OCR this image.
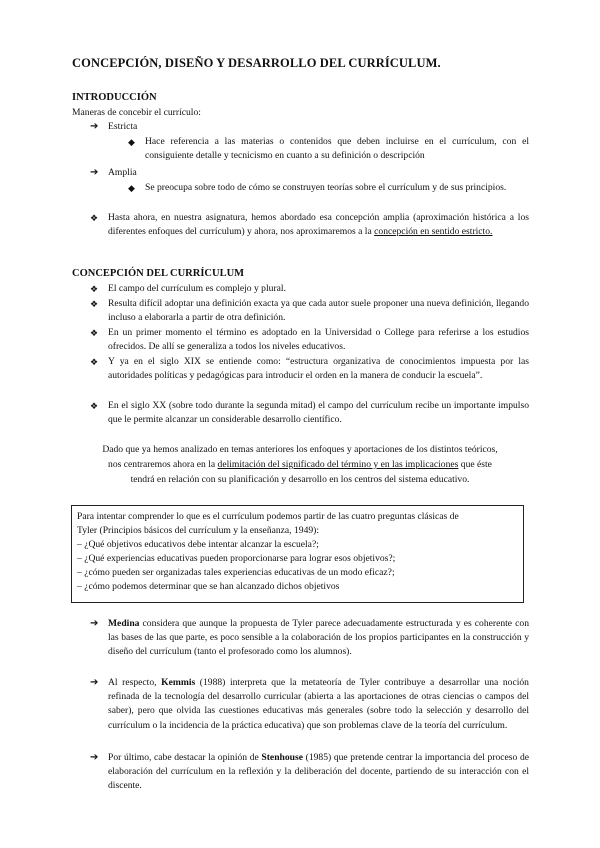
CONCEPCIÓN, DISEÑO Y DESARROLLO DEL CURRÍCULUM.
INTRODUCCIÓN
Maneras de concebir el currículo:
➔ Estricta
◆ Hace referencia a las materias o contenidos que deben incluirse en el currículum, con el consiguiente detalle y tecnicismo en cuanto a su definición o descripción
➔ Amplia
◆ Se preocupa sobre todo de cómo se construyen teorías sobre el currículum y de sus principios.
❖ Hasta ahora, en nuestra asignatura, hemos abordado esa concepción amplia (aproximación histórica a los diferentes enfoques del currículum) y ahora, nos aproximaremos a la concepción en sentido estricto.
CONCEPCIÓN DEL CURRÍCULUM
❖ El campo del currículum es complejo y plural.
❖ Resulta difícil adoptar una definición exacta ya que cada autor suele proponer una nueva definición, llegando incluso a elaborarla a partir de otra definición.
❖ En un primer momento el término es adoptado en la Universidad o College para referirse a los estudios ofrecidos. De allí se generaliza a todos los niveles educativos.
❖ Y ya en el siglo XIX se entiende como: “estructura organizativa de conocimientos impuesta por las autoridades políticas y pedagógicas para introducir el orden en la manera de conducir la escuela”.
❖ En el siglo XX (sobre todo durante la segunda mitad) el campo del currículum recibe un importante impulso que le permite alcanzar un considerable desarrollo científico.
Dado que ya hemos analizado en temas anteriores los enfoques y aportaciones de los distintos teóricos,
nos centraremos ahora en la delimitación del significado del término y en las implicaciones que éste
tendrá en relación con su planificación y desarrollo en los centros del sistema educativo.
Para intentar comprender lo que es el currículum podemos partir de las cuatro preguntas clásicas de
Tyler (Principios básicos del currículum y la enseñanza, 1949):
– ¿Qué objetivos educativos debe intentar alcanzar la escuela?;
– ¿Qué experiencias educativas pueden proporcionarse para lograr esos objetivos?;
– ¿cómo pueden ser organizadas tales experiencias educativas de un modo eficaz?;
– ¿cómo podemos determinar que se han alcanzado dichos objetivos
➔ Medina considera que aunque la propuesta de Tyler parece adecuadamente estructurada y es coherente con las bases de las que parte, es poco sensible a la colaboración de los propios participantes en la construcción y diseño del currículum (tanto el profesorado como los alumnos).
➔ Al respecto, Kemmis (1988) interpreta que la metateoría de Tyler contribuye a desarrollar una noción refinada de la tecnología del desarrollo curricular (abierta a las aportaciones de otras ciencias o campos del saber), pero que olvida las cuestiones educativas más generales (sobre todo la selección y desarrollo del currículum o la incidencia de la práctica educativa) que son problemas clave de la teoría del currículum.
➔ Por último, cabe destacar la opinión de Stenhouse (1985) que pretende centrar la importancia del proceso de elaboración del currículum en la reflexión y la deliberación del docente, partiendo de su interacción con el discente.
